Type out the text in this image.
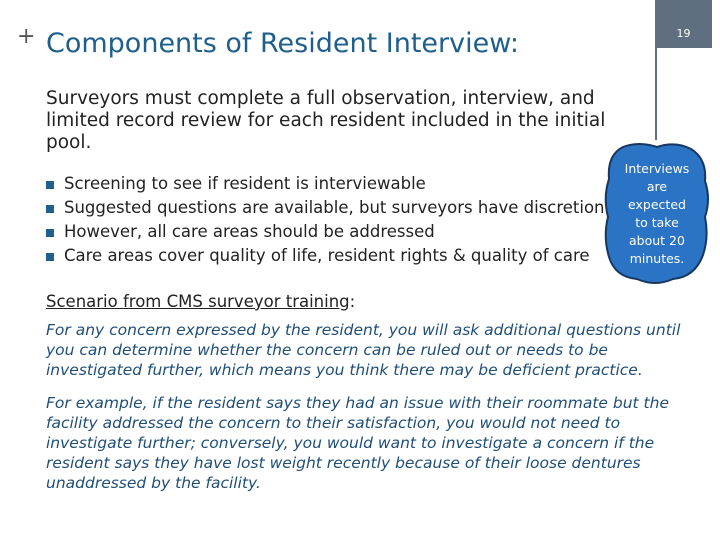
+ Components of Resident Interview:	19
Surveyors must complete a full observation, interview, and limited record review for each resident included in the initial pool.
Screening to see if resident is interviewable
Suggested questions are available, but surveyors have discretion
However, all care areas should be addressed
Care areas cover quality of life, resident rights & quality of care
Interviews
are
expected
to take
about 20
minutes.
Scenario from CMS surveyor training:
For any concern expressed by the resident, you will ask additional questions until you can determine whether the concern can be ruled out or needs to be investigated further, which means you think there may be deficient practice.
For example, if the resident says they had an issue with their roommate but the facility addressed the concern to their satisfaction, you would not need to investigate further; conversely, you would want to investigate a concern if the resident says they have lost weight recently because of their loose dentures unaddressed by the facility.
